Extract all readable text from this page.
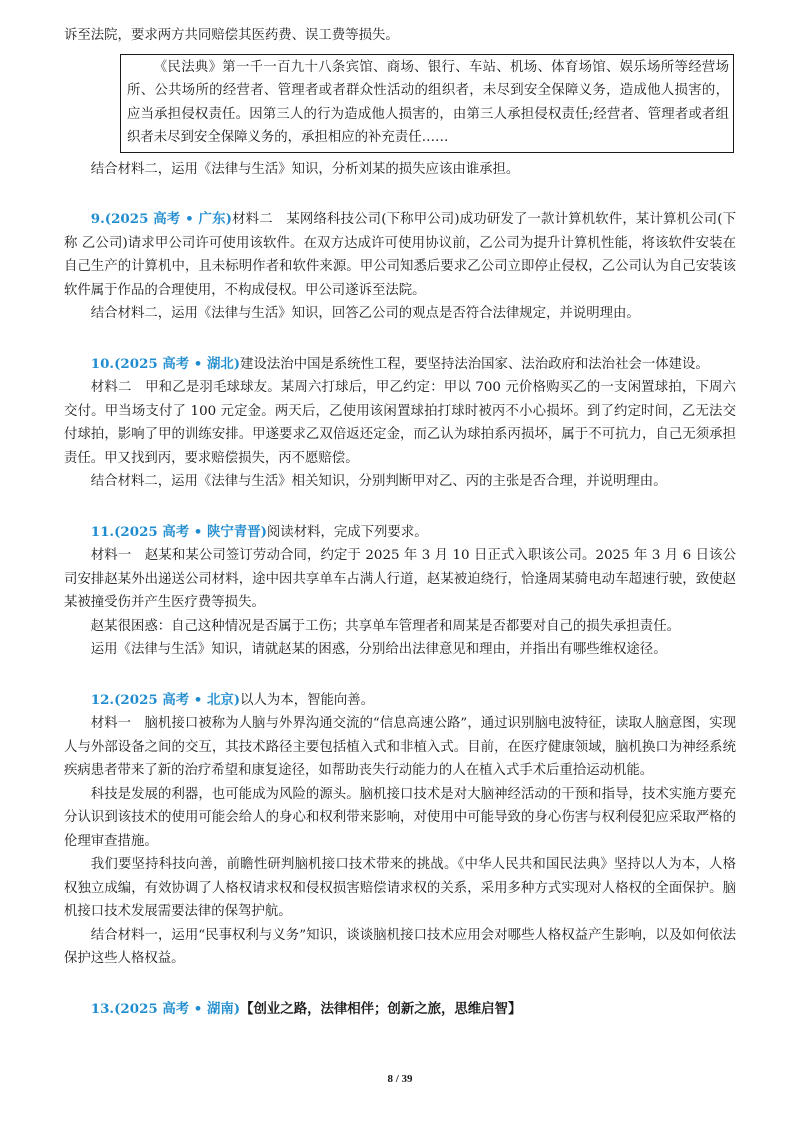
诉至法院，要求两方共同赔偿其医药费、误工费等损失。

《民法典》第一千一百九十八条宾馆、商场、银行、车站、机场、体育场馆、娱乐场所等经营场所、公共场所的经营者、管理者或者群众性活动的组织者，未尽到安全保障义务，造成他人损害的，应当承担侵权责任。因第三人的行为造成他人损害的，由第三人承担侵权责任;经营者、管理者或者组织者未尽到安全保障义务的，承担相应的补充责任……

结合材料二，运用《法律与生活》知识，分析刘某的损失应该由谁承担。

9.(2025 高考 • 广东)材料二　某网络科技公司(下称甲公司)成功研发了一款计算机软件，某计算机公司(下称 乙公司)请求甲公司许可使用该软件。在双方达成许可使用协议前，乙公司为提升计算机性能，将该软件安装在自己生产的计算机中，且未标明作者和软件来源。甲公司知悉后要求乙公司立即停止侵权，乙公司认为自己安装该软件属于作品的合理使用，不构成侵权。甲公司遂诉至法院。

结合材料二，运用《法律与生活》知识，回答乙公司的观点是否符合法律规定，并说明理由。

10.(2025 高考 • 湖北)建设法治中国是系统性工程，要坚持法治国家、法治政府和法治社会一体建设。

材料二　甲和乙是羽毛球球友。某周六打球后，甲乙约定：甲以 700 元价格购买乙的一支闲置球拍，下周六交付。甲当场支付了 100 元定金。两天后，乙使用该闲置球拍打球时被丙不小心损坏。到了约定时间，乙无法交付球拍，影响了甲的训练安排。甲遂要求乙双倍返还定金，而乙认为球拍系丙损坏，属于不可抗力，自己无须承担责任。甲又找到丙，要求赔偿损失，丙不愿赔偿。

结合材料二，运用《法律与生活》相关知识，分别判断甲对乙、丙的主张是否合理，并说明理由。

11.(2025 高考 • 陕宁青晋)阅读材料，完成下列要求。

材料一　赵某和某公司签订劳动合同，约定于 2025 年 3 月 10 日正式入职该公司。2025 年 3 月 6 日该公司安排赵某外出递送公司材料，途中因共享单车占满人行道，赵某被迫绕行，恰逢周某骑电动车超速行驶，致使赵某被撞受伤并产生医疗费等损失。

赵某很困惑：自己这种情况是否属于工伤；共享单车管理者和周某是否都要对自己的损失承担责任。

运用《法律与生活》知识，请就赵某的困惑，分别给出法律意见和理由，并指出有哪些维权途径。

12.(2025 高考 • 北京)以人为本，智能向善。

材料一　脑机接口被称为人脑与外界沟通交流的“信息高速公路”，通过识别脑电波特征，读取人脑意图，实现人与外部设备之间的交互，其技术路径主要包括植入式和非植入式。目前，在医疗健康领域，脑机换口为神经系统疾病患者带来了新的治疗希望和康复途径，如帮助丧失行动能力的人在植入式手术后重拾运动机能。

科技是发展的利器，也可能成为风险的源头。脑机接口技术是对大脑神经活动的干预和指导，技术实施方要充分认识到该技术的使用可能会给人的身心和权利带来影响，对使用中可能导致的身心伤害与权利侵犯应采取严格的伦理审查措施。

我们要坚持科技向善，前瞻性研判脑机接口技术带来的挑战。《中华人民共和国民法典》坚持以人为本，人格权独立成编，有效协调了人格权请求权和侵权损害赔偿请求权的关系，采用多种方式实现对人格权的全面保护。脑机接口技术发展需要法律的保驾护航。

结合材料一，运用“民事权利与义务”知识，谈谈脑机接口技术应用会对哪些人格权益产生影响，以及如何依法保护这些人格权益。

13.(2025 高考 • 湖南)【创业之路，法律相伴；创新之旅，思维启智】

8 / 39
